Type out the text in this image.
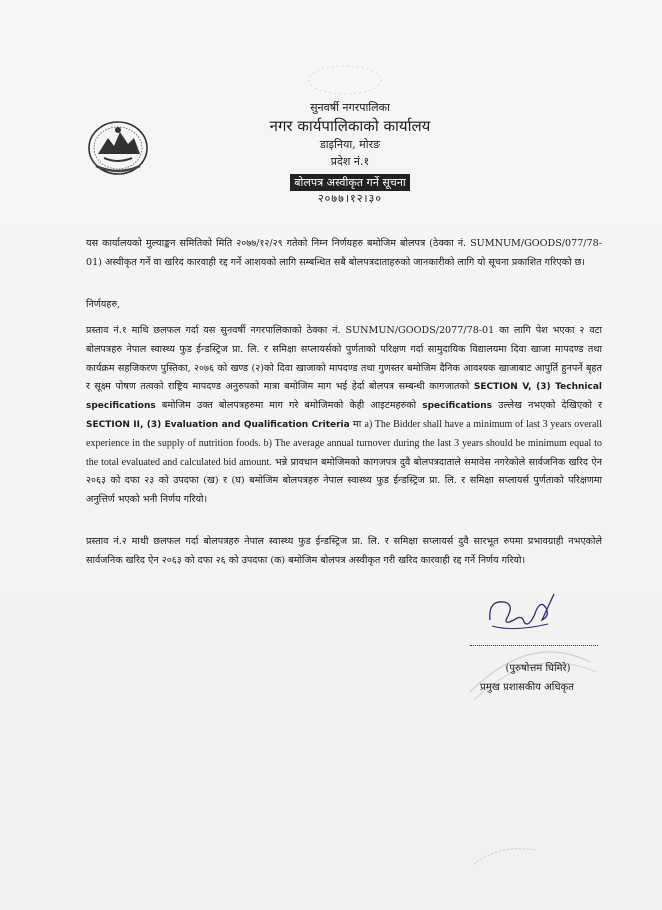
सुनवर्षी नगरपालिका
नगर कार्यपालिकाको कार्यालय
डाइनिया, मोरङ
प्रदेश नं.१
बोलपत्र अस्वीकृत गर्ने सूचना
२०७७।१२।३०
यस कार्यालयको मुल्याङ्कन समितिको मिति २०७७/१२/२९ गतेको निम्न निर्णयहरु बमोजिम बोलपत्र (ठेक्का नं. SUMNUM/GOODS/077/78-01) अस्वीकृत गर्ने वा खरिद कारवाही रद्द गर्ने आशयको लागि सम्बन्धित सबै बोलपत्रदाताहरुको जानकारीको लागि यो सूचना प्रकाशित गरिएको छ।
निर्णयहरु,
प्रस्ताव नं.१ माथि छलफल गर्दा यस सुनवर्षी नगरपालिकाको ठेक्का नं. SUNMUN/GOODS/2077/78-01 का लागि पेश भएका २ वटा बोलपत्रहरु नेपाल स्वास्थ्य फुड ईन्डस्ट्रिज प्रा. लि. र समिक्षा सप्लायर्सको पुर्णताको परिक्षण गर्दा सामुदायिक विद्यालयमा दिवा खाजा मापदण्ड तथा कार्यक्रम सहजिकरण पुस्तिका, २०७६ को खण्ड (२)को दिवा खाजाको मापदण्ड तथा गुणस्तर बमोजिम दैनिक आवश्यक खाजाबाट आपुर्ति हुनपर्ने बृहत र सूक्ष्म पोषण तत्वको राष्ट्रिय मापदण्ड अनुरुपको मात्रा बमोजिम माग भई हेर्दा बोलपत्र सम्बन्धी कागजातको SECTION V, (3) Technical specifications बमोजिम उक्त बोलपत्रहरुमा माग गरे बमोजिमको केही आइटमहरुको specifications उल्लेख नभएको देखिएको र SECTION II, (3) Evaluation and Qualification Criteria मा a) The Bidder shall have a minimum of last 3 years overall experience in the supply of nutrition foods. b) The average annual turnover during the last 3 years should be minimum equal to the total evaluated and calculated bid amount. भन्ने प्रावधान बमोजिमको कागजपत्र दुवै बोलपत्रदाताले समावेस नगरेकोले सार्वजनिक खरिद ऐन २०६३ को दफा २३ को उपदफा (ख) र (घ) बमोजिम बोलपत्रहरु नेपाल स्वास्थ्य फुड ईन्डस्ट्रिज प्रा. लि. र समिक्षा सप्लायर्स पुर्णताको परिक्षणमा अनुत्तिर्ण भएको भनी निर्णय गरियो।
प्रस्ताव नं.२ माथी छलफल गर्दा बोलपत्रहरु नेपाल स्वास्थ्य फुड ईन्डस्ट्रिज प्रा. लि. र समिक्षा सप्लायर्स दुवै सारभूत रुपमा प्रभावग्राही नभएकोले सार्वजनिक खरिद ऐन २०६३ को दफा २६ को उपदफा (क) बमोजिम बोलपत्र अस्वीकृत गरी खरिद कारवाही रद्द गर्ने निर्णय गरियो।
(पुरुषोत्तम घिमिरे)
प्रमुख प्रशासकीय अधिकृत
